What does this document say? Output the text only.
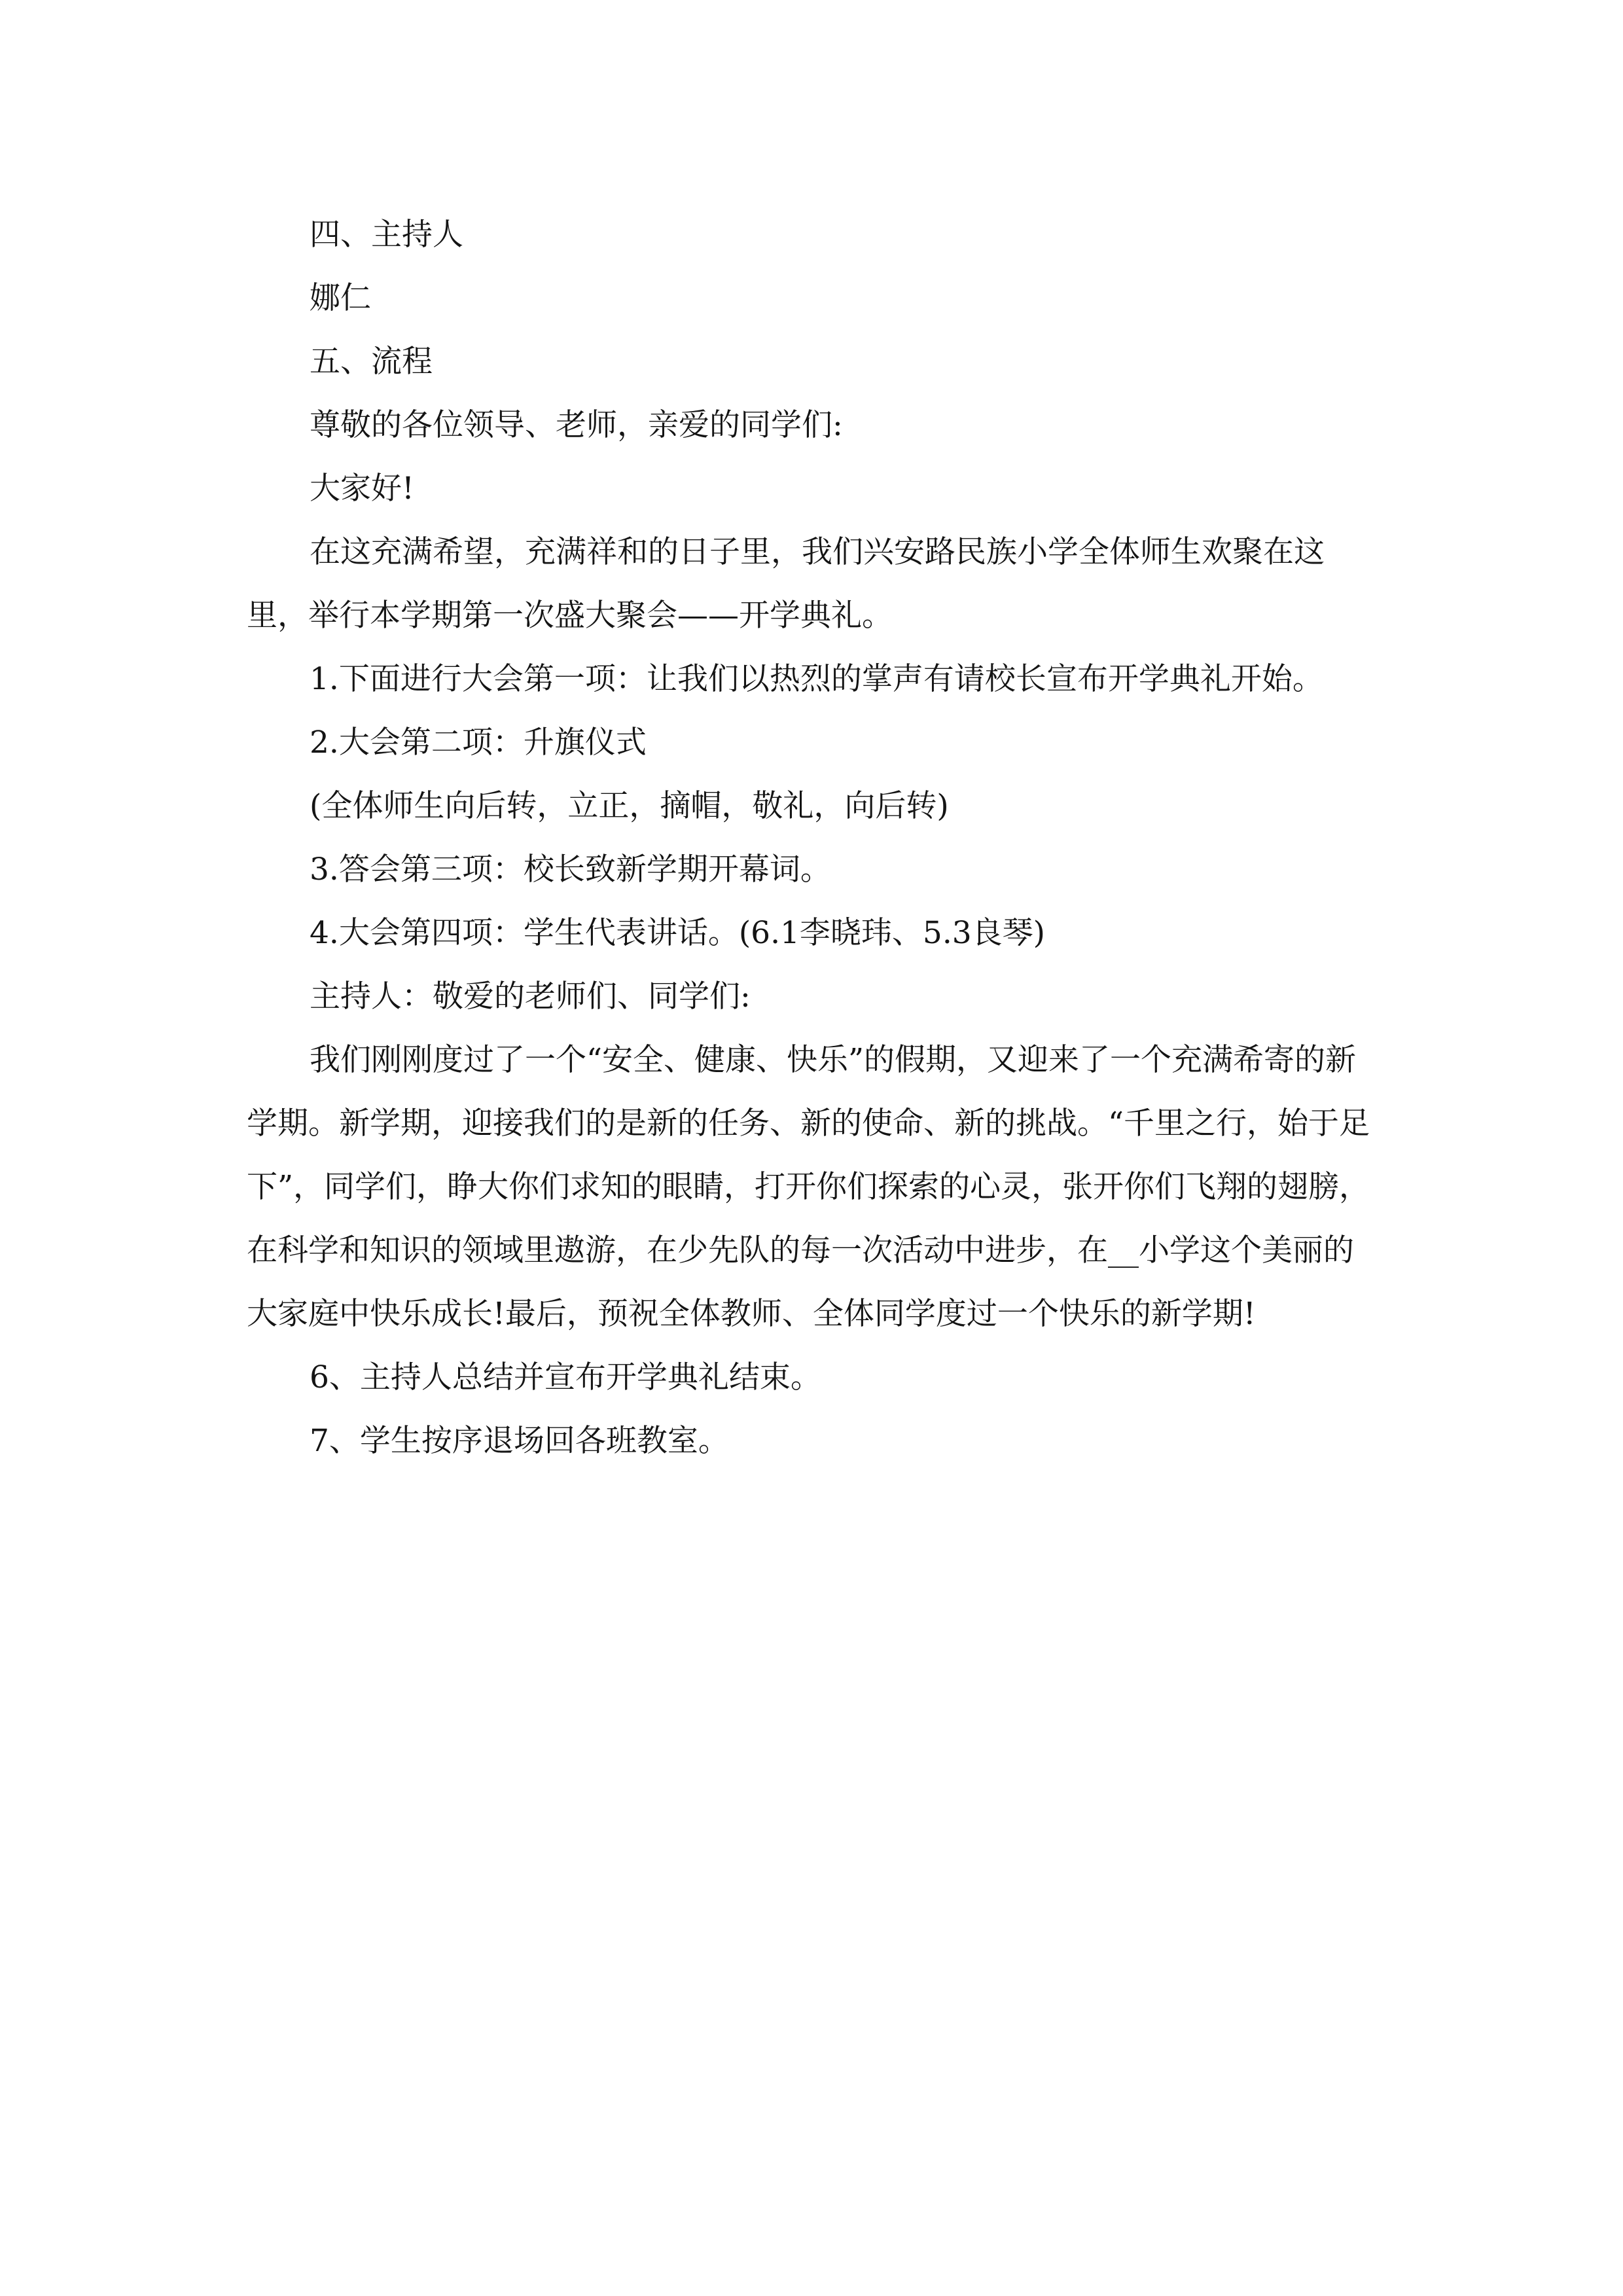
四、主持人

娜仁

五、流程

尊敬的各位领导、老师，亲爱的同学们:

大家好!

在这充满希望，充满祥和的日子里，我们兴安路民族小学全体师生欢聚在这里，举行本学期第一次盛大聚会——开学典礼。

1.下面进行大会第一项：让我们以热烈的掌声有请校长宣布开学典礼开始。

2.大会第二项：升旗仪式

(全体师生向后转，立正，摘帽，敬礼，向后转)

3.答会第三项：校长致新学期开幕词。

4.大会第四项：学生代表讲话。(6.1李晓玮、5.3良琴)

主持人：敬爱的老师们、同学们:

我们刚刚度过了一个“安全、健康、快乐”的假期，又迎来了一个充满希寄的新学期。新学期，迎接我们的是新的任务、新的使命、新的挑战。“千里之行，始于足下”，同学们，睁大你们求知的眼睛，打开你们探索的心灵，张开你们飞翔的翅膀，在科学和知识的领域里遨游，在少先队的每一次活动中进步，在__小学这个美丽的大家庭中快乐成长!最后，预祝全体教师、全体同学度过一个快乐的新学期!

6、主持人总结并宣布开学典礼结束。

7、学生按序退场回各班教室。
